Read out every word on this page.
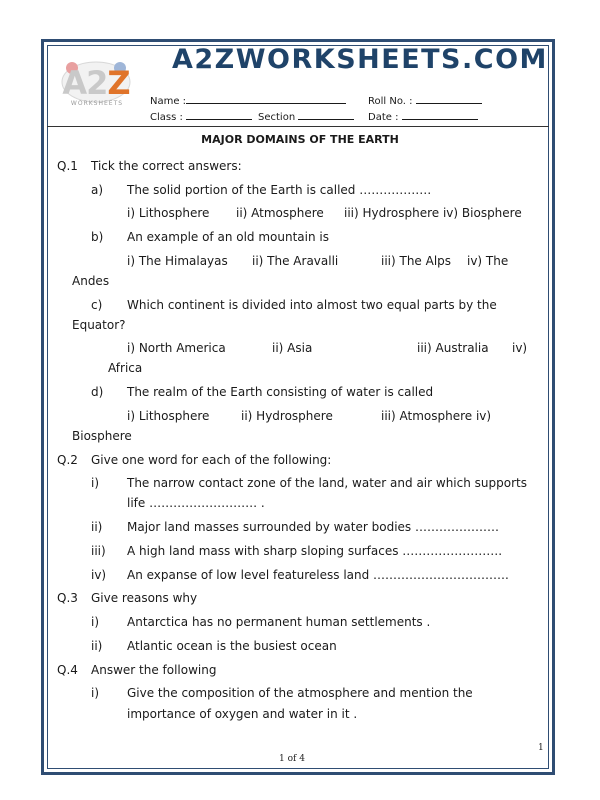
A2Z
WORKSHEETS
A2ZWORKSHEETS.COM
Name :	Roll No. :
Class :	Section	Date :
MAJOR DOMAINS OF THE EARTH
Q.1 Tick the correct answers:
a) The solid portion of the Earth is called ………………
i) Lithosphere ii) Atmosphere iii) Hydrosphere iv) Biosphere
b) An example of an old mountain is
i) The Himalayas ii) The Aravalli	iii) The Alps iv) The
Andes
c) Which continent is divided into almost two equal parts by the
Equator?
i) North America	ii) Asia	iii) Australia iv)
Africa
d) The realm of the Earth consisting of water is called
i) Lithosphere	ii) Hydrosphere	iii) Atmosphere iv)
Biosphere
Q.2 Give one word for each of the following:
i) The narrow contact zone of the land, water and air which supports
life ……………………… .
ii) Major land masses surrounded by water bodies …………………
iii) A high land mass with sharp sloping surfaces …………………….
iv) An expanse of low level featureless land …………………………….
Q.3 Give reasons why
i) Antarctica has no permanent human settlements .
ii) Atlantic ocean is the busiest ocean
Q.4 Answer the following
i) Give the composition of the atmosphere and mention the
importance of oxygen and water in it .
1
1 of 4
